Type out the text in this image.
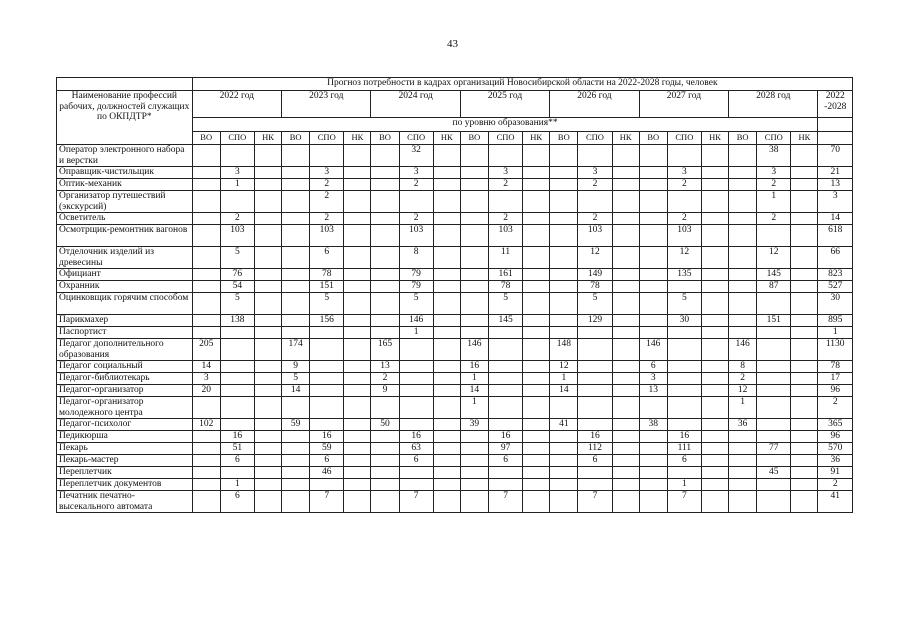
43
	Прогноз потребности в кадрах организаций Новосибирской области на 2022-2028 годы, человек																					
Наименование профессий рабочих, должностей служащих по ОКПДТР*	2022 год			2023 год			2024 год			2025 год			2026 год			2027 год			2028 год			2022 -2028
	по уровню образования**																					
	ВО	СПО	НК	ВО	СПО	НК	ВО	СПО	НК	ВО	СПО	НК	ВО	СПО	НК	ВО	СПО	НК	ВО	СПО	НК	
Оператор электронного набора и верстки								32												38		70
Оправщик-чистильщик		3			3			3			3			3			3			3		21
Оптик-механик		1			2			2			2			2			2			2		13
Организатор путешествий (экскурсий)					2															1		3
Осветитель		2			2			2			2			2			2			2		14
Осмотрщик-ремонтник вагонов		103			103			103			103			103			103					618
Отделочник изделий из древесины		5			6			8			11			12			12			12		66
Официант		76			78			79			161			149			135			145		823
Охранник		54			151			79			78			78						87		527
Оцинковщик горячим способом		5			5			5			5			5			5					30
Парикмахер		138			156			146			145			129			30			151		895
Паспортист								1														1
Педагог дополнительного образования	205			174			165			146			148			146			146			1130
Педагог социальный	14			9			13			16			12			6			8			78
Педагог-библиотекарь	3			5			2			1			1			3			2			17
Педагог-организатор	20			14			9			14			14			13			12			96
Педагог-организатор молодежного центра										1									1			2
Педагог-психолог	102			59			50			39			41			38			36			365
Педикюрша		16			16			16			16			16			16					96
Пекарь		51			59			63			97			112			111			77		570
Пекарь-мастер		6			6			6			6			6			6					36
Переплетчик					46															45		91
Переплетчик документов		1															1					2
Печатник печатно-высекального автомата		6			7			7			7			7			7					41
